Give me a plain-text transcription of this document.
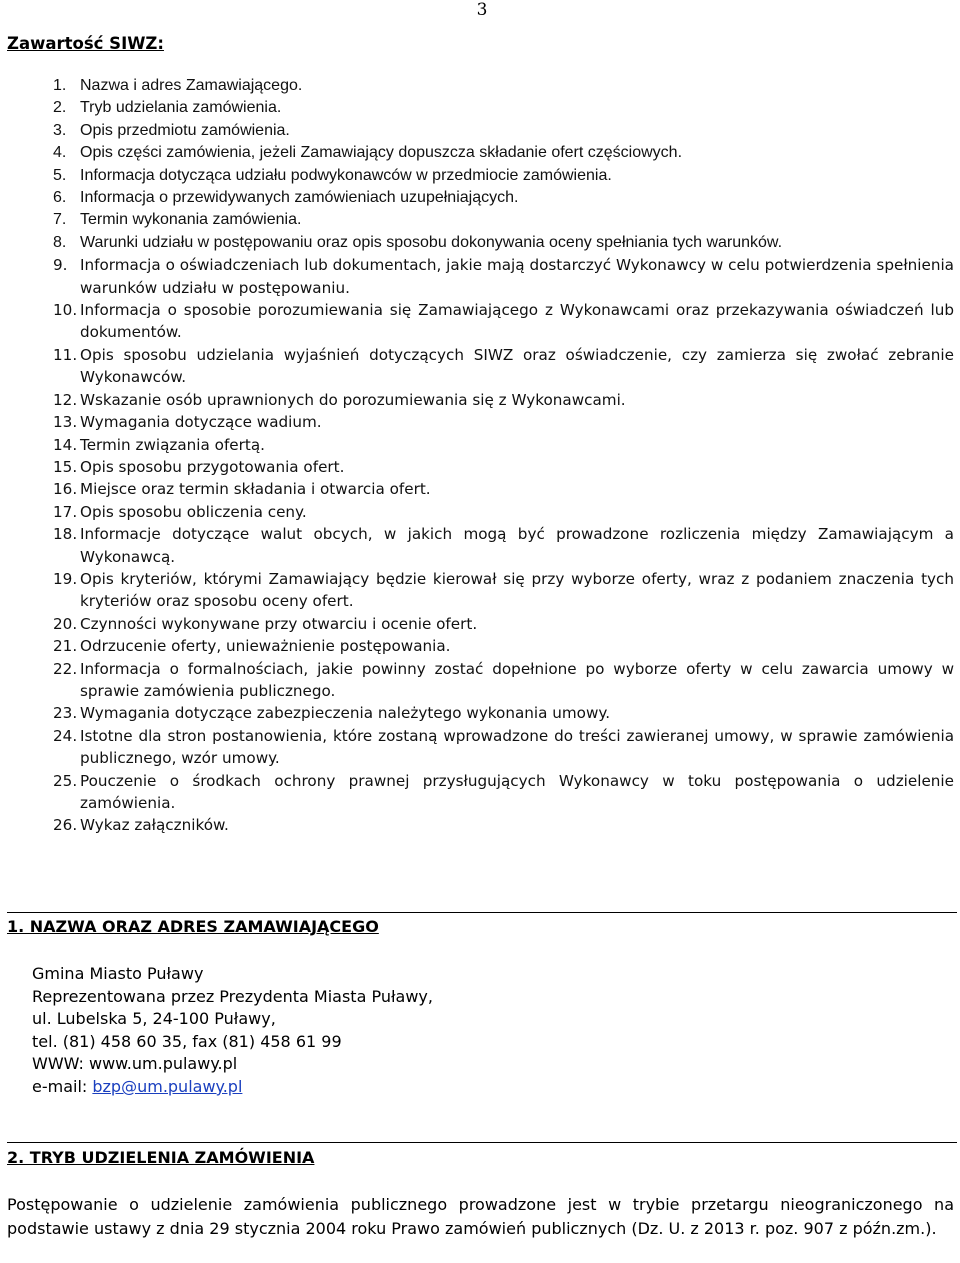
3
Zawartość SIWZ:
1. Nazwa i adres Zamawiającego.
2. Tryb udzielania zamówienia.
3. Opis przedmiotu zamówienia.
4. Opis części zamówienia, jeżeli Zamawiający dopuszcza składanie ofert częściowych.
5. Informacja dotycząca udziału podwykonawców w przedmiocie zamówienia.
6. Informacja o przewidywanych zamówieniach uzupełniających.
7. Termin wykonania zamówienia.
8. Warunki udziału w postępowaniu oraz opis sposobu dokonywania oceny spełniania tych warunków.
9. Informacja o oświadczeniach lub dokumentach, jakie mają dostarczyć Wykonawcy w celu potwierdzenia spełnienia warunków udziału w postępowaniu.
10. Informacja o sposobie porozumiewania się Zamawiającego z Wykonawcami oraz przekazywania oświadczeń lub dokumentów.
11. Opis sposobu udzielania wyjaśnień dotyczących SIWZ oraz oświadczenie, czy zamierza się zwołać zebranie Wykonawców.
12. Wskazanie osób uprawnionych do porozumiewania się z Wykonawcami.
13. Wymagania dotyczące wadium.
14. Termin związania ofertą.
15. Opis sposobu przygotowania ofert.
16. Miejsce oraz termin składania i otwarcia ofert.
17. Opis sposobu obliczenia ceny.
18. Informacje dotyczące walut obcych, w jakich mogą być prowadzone rozliczenia między Zamawiającym a Wykonawcą.
19. Opis kryteriów, którymi Zamawiający będzie kierował się przy wyborze oferty, wraz z podaniem znaczenia tych kryteriów oraz sposobu oceny ofert.
20. Czynności wykonywane przy otwarciu i ocenie ofert.
21. Odrzucenie oferty, unieważnienie postępowania.
22. Informacja o formalnościach, jakie powinny zostać dopełnione po wyborze oferty w celu zawarcia umowy w sprawie zamówienia publicznego.
23. Wymagania dotyczące zabezpieczenia należytego wykonania umowy.
24. Istotne dla stron postanowienia, które zostaną wprowadzone do treści zawieranej umowy, w sprawie zamówienia publicznego, wzór umowy.
25. Pouczenie o środkach ochrony prawnej przysługujących Wykonawcy w toku postępowania o udzielenie zamówienia.
26. Wykaz załączników.
1. NAZWA ORAZ ADRES ZAMAWIAJĄCEGO
Gmina Miasto Puławy
Reprezentowana przez Prezydenta Miasta Puławy,
ul. Lubelska 5, 24-100 Puławy,
tel. (81) 458 60 35, fax (81) 458 61 99
WWW: www.um.pulawy.pl
e-mail: bzp@um.pulawy.pl
2. TRYB UDZIELENIA ZAMÓWIENIA
Postępowanie o udzielenie zamówienia publicznego prowadzone jest w trybie przetargu nieograniczonego na podstawie ustawy z dnia 29 stycznia 2004 roku Prawo zamówień publicznych (Dz. U. z 2013 r. poz. 907 z późn.zm.).
